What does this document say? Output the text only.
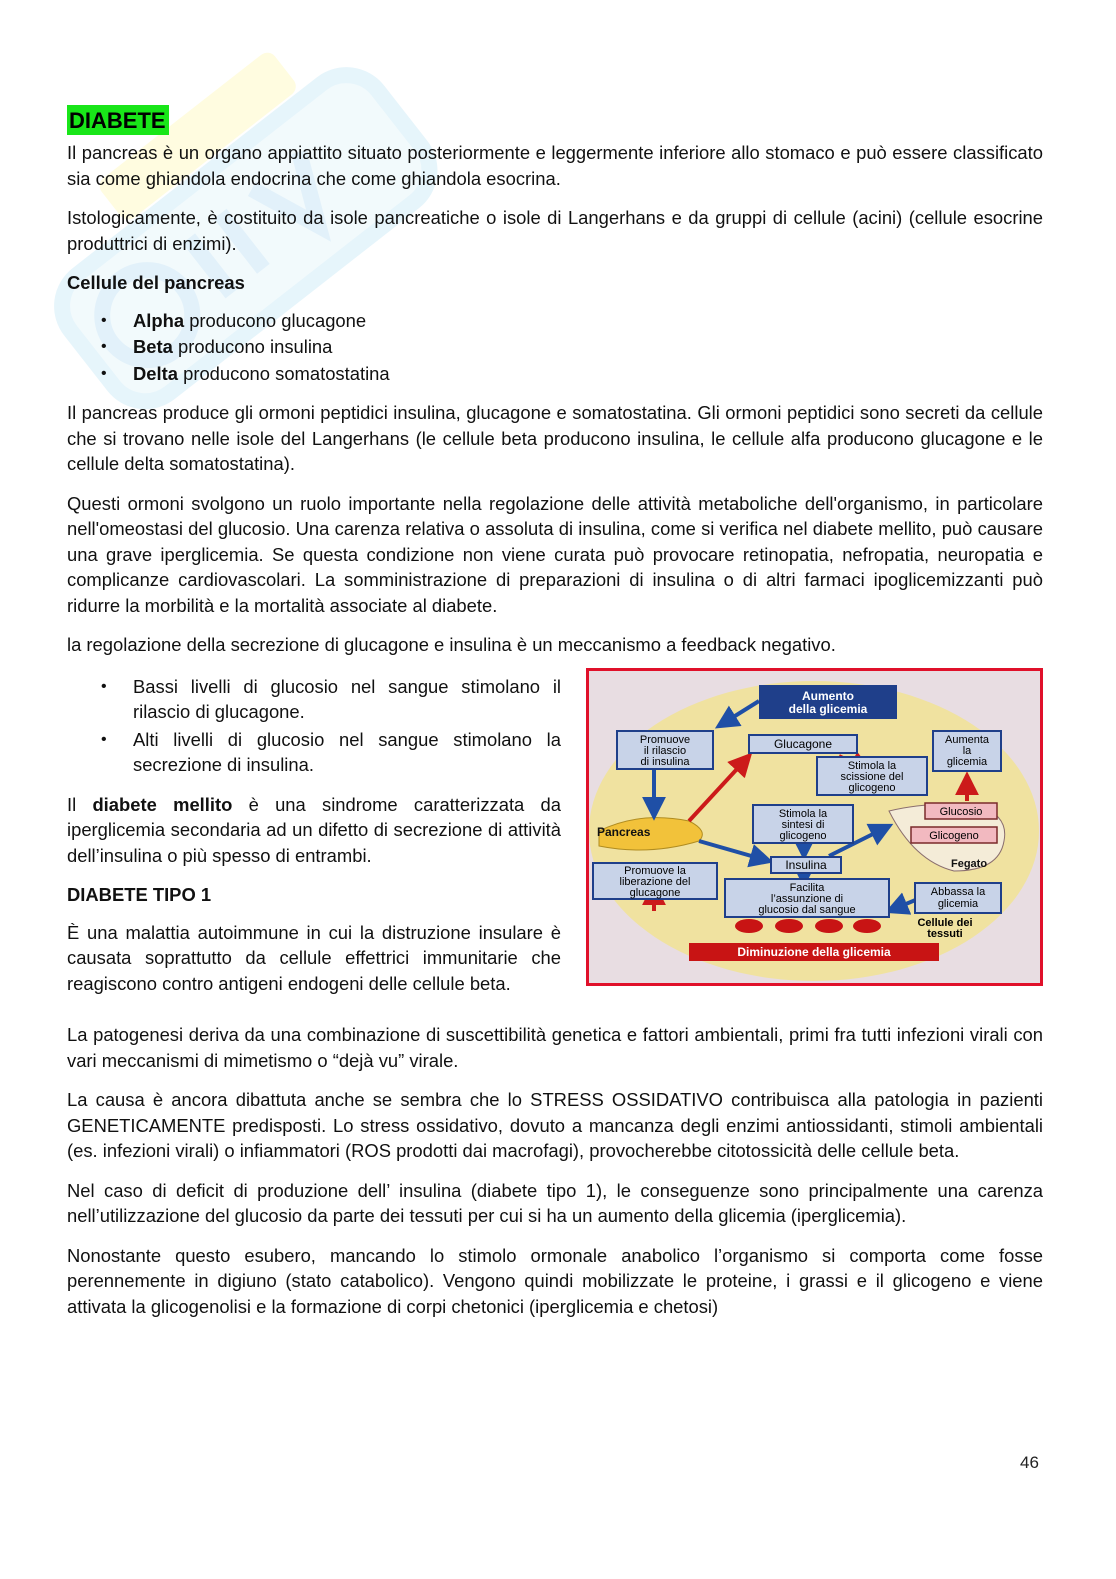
DIABETE

Il pancreas è un organo appiattito situato posteriormente e leggermente inferiore allo stomaco e può essere classificato sia come ghiandola endocrina che come ghiandola esocrina.

Istologicamente, è costituito da isole pancreatiche o isole di Langerhans e da gruppi di cellule (acini) (cellule esocrine produttrici di enzimi).

Cellule del pancreas
• Alpha producono glucagone
• Beta producono insulina
• Delta producono somatostatina

Il pancreas produce gli ormoni peptidici insulina, glucagone e somatostatina. Gli ormoni peptidici sono secreti da cellule che si trovano nelle isole del Langerhans (le cellule beta producono insulina, le cellule alfa producono glucagone e le cellule delta somatostatina).

Questi ormoni svolgono un ruolo importante nella regolazione delle attività metaboliche dell'organismo, in particolare nell'omeostasi del glucosio. Una carenza relativa o assoluta di insulina, come si verifica nel diabete mellito, può causare una grave iperglicemia. Se questa condizione non viene curata può provocare retinopatia, nefropatia, neuropatia e complicanze cardiovascolari. La somministrazione di preparazioni di insulina o di altri farmaci ipoglicemizzanti può ridurre la morbilità e la mortalità associate al diabete.

la regolazione della secrezione di glucagone e insulina è un meccanismo a feedback negativo.

• Bassi livelli di glucosio nel sangue stimolano il rilascio di glucagone.
• Alti livelli di glucosio nel sangue stimolano la secrezione di insulina.

Il diabete mellito è una sindrome caratterizzata da iperglicemia secondaria ad un difetto di secrezione di attività dell’insulina o più spesso di entrambi.

DIABETE TIPO 1

È una malattia autoimmune in cui la distruzione insulare è causata soprattutto da cellule effettrici immunitarie che reagiscono contro antigeni endogeni delle cellule beta.

Aumento
della glicemia
Promuove
il rilascio
di insulina
Glucagone	Aumenta
la
glicemia
Stimola la
scissione del
glicogeno
Stimola la
sintesi di
glicogeno
Glucosio
Glicogeno
Pancreas
Fegato
Insulina
Promuove la
liberazione del
glucagone	Facilita
l’assunzione di
glucosio dal sangue
Abbassa la
glicemia
Cellule dei
tessuti
Diminuzione della glicemia

La patogenesi deriva da una combinazione di suscettibilità genetica e fattori ambientali, primi fra tutti infezioni virali con vari meccanismi di mimetismo o “dejà vu” virale.

La causa è ancora dibattuta anche se sembra che lo STRESS OSSIDATIVO contribuisca alla patologia in pazienti GENETICAMENTE predisposti. Lo stress ossidativo, dovuto a mancanza degli enzimi antiossidanti, stimoli ambientali (es. infezioni virali) o infiammatori (ROS prodotti dai macrofagi), provocherebbe citotossicità delle cellule beta.

Nel caso di deficit di produzione dell’ insulina (diabete tipo 1), le conseguenze sono principalmente una carenza nell’utilizzazione del glucosio da parte dei tessuti per cui si ha un aumento della glicemia (iperglicemia).

Nonostante questo esubero, mancando lo stimolo ormonale anabolico l’organismo si comporta come fosse perennemente in digiuno (stato catabolico). Vengono quindi mobilizzate le proteine, i grassi e il glicogeno e viene attivata la glicogenolisi e la formazione di corpi chetonici (iperglicemia e chetosi)

46
